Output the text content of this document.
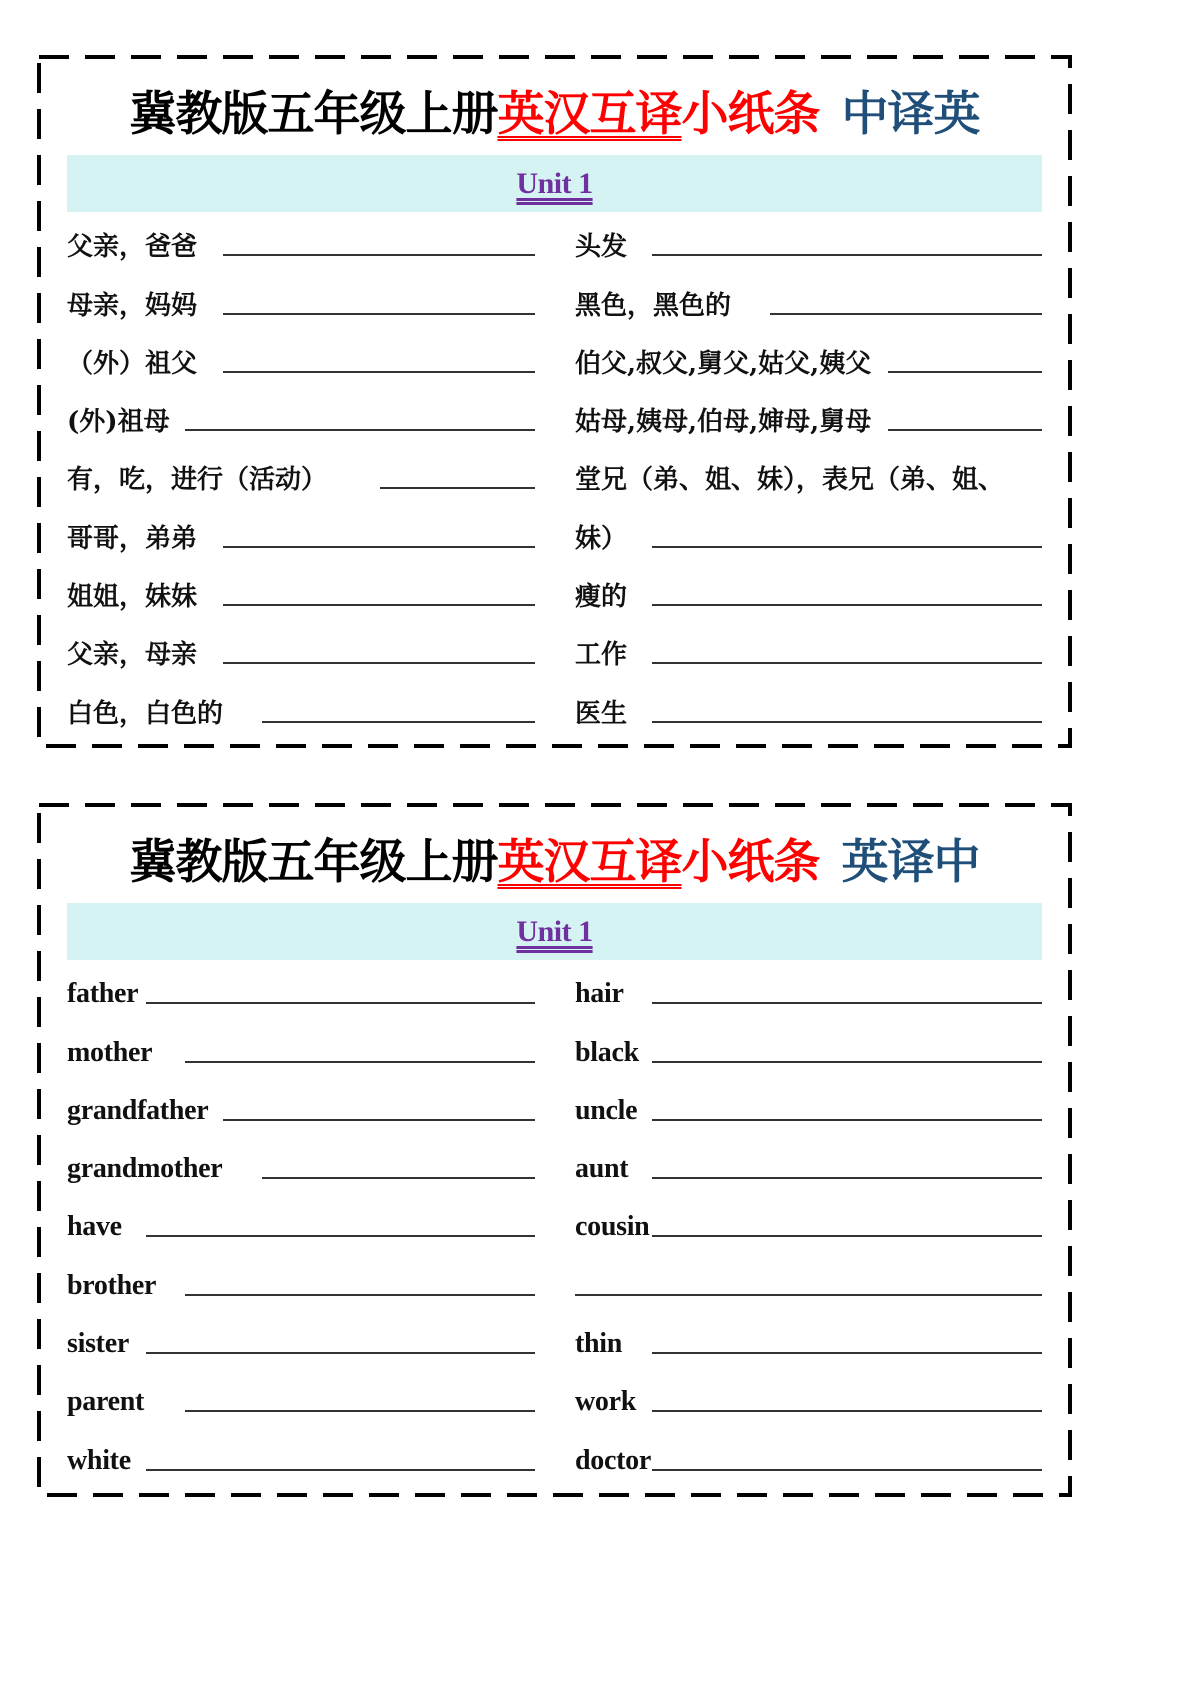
冀教版五年级上册英汉互译小纸条 中译英
Unit 1
父亲，爸爸
母亲，妈妈
（外）祖父
(外)祖母
有，吃，进行（活动）
哥哥，弟弟
姐姐，妹妹
父亲，母亲
白色，白色的
头发
黑色，黑色的
伯父,叔父,舅父,姑父,姨父
姑母,姨母,伯母,婶母,舅母
堂兄（弟、姐、妹），表兄（弟、姐、
妹）
瘦的
工作
医生
冀教版五年级上册英汉互译小纸条 英译中
Unit 1
father
mother
grandfather
grandmother
have
brother
sister
parent
white
hair
black
uncle
aunt
cousin
thin
work
doctor
